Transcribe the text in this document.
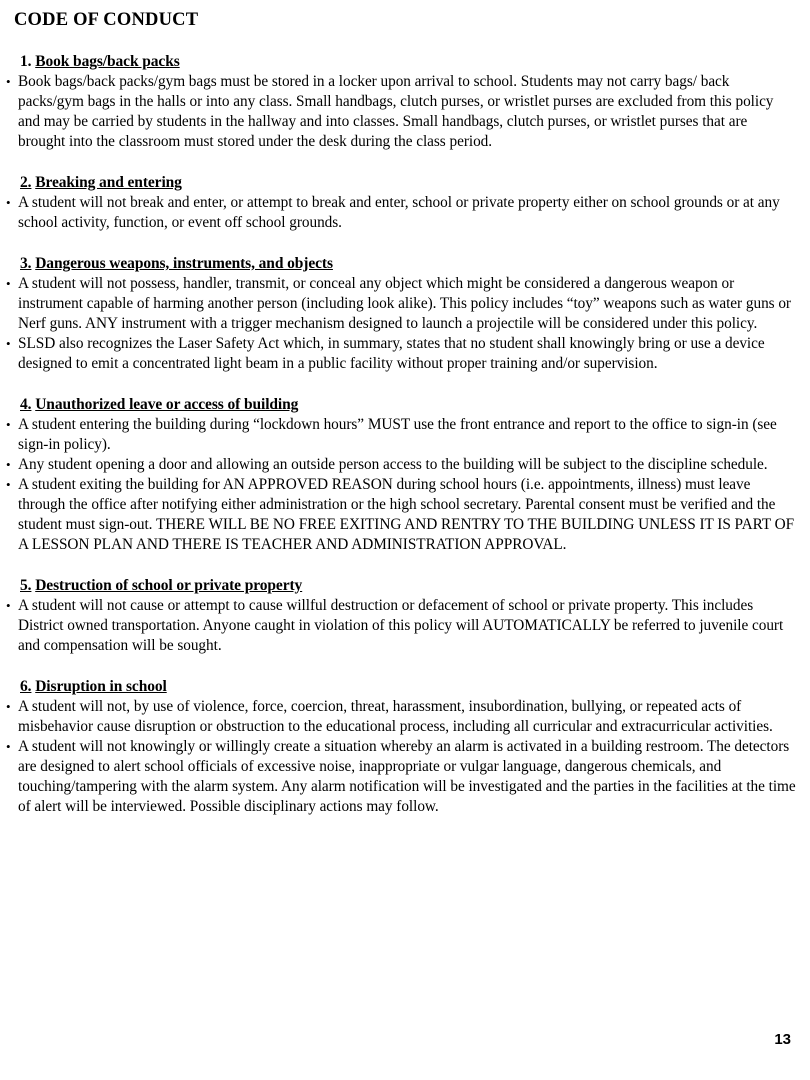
CODE OF CONDUCT
1. Book bags/back packs
• Book bags/back packs/gym bags must be stored in a locker upon arrival to school. Students may not carry bags/ back packs/gym bags in the halls or into any class. Small handbags, clutch purses, or wristlet purses are excluded from this policy and may be carried by students in the hallway and into classes. Small handbags, clutch purses, or wristlet purses that are brought into the classroom must stored under the desk during the class period.
2. Breaking and entering
• A student will not break and enter, or attempt to break and enter, school or private property either on school grounds or at any school activity, function, or event off school grounds.
3. Dangerous weapons, instruments, and objects
• A student will not possess, handler, transmit, or conceal any object which might be considered a dangerous weapon or instrument capable of harming another person (including look alike). This policy includes “toy” weapons such as water guns or Nerf guns. ANY instrument with a trigger mechanism designed to launch a projectile will be considered under this policy.
• SLSD also recognizes the Laser Safety Act which, in summary, states that no student shall knowingly bring or use a device designed to emit a concentrated light beam in a public facility without proper training and/or supervision.
4. Unauthorized leave or access of building
• A student entering the building during “lockdown hours” MUST use the front entrance and report to the office to sign-in (see sign-in policy).
• Any student opening a door and allowing an outside person access to the building will be subject to the discipline schedule.
• A student exiting the building for AN APPROVED REASON during school hours (i.e. appointments, illness) must leave through the office after notifying either administration or the high school secretary. Parental consent must be verified and the student must sign-out. THERE WILL BE NO FREE EXITING AND RENTRY TO THE BUILDING UNLESS IT IS PART OF A LESSON PLAN AND THERE IS TEACHER AND ADMINISTRATION APPROVAL.
5. Destruction of school or private property
• A student will not cause or attempt to cause willful destruction or defacement of school or private property. This includes District owned transportation. Anyone caught in violation of this policy will AUTOMATICALLY be referred to juvenile court and compensation will be sought.
6. Disruption in school
• A student will not, by use of violence, force, coercion, threat, harassment, insubordination, bullying, or repeated acts of misbehavior cause disruption or obstruction to the educational process, including all curricular and extracurricular activities.
• A student will not knowingly or willingly create a situation whereby an alarm is activated in a building restroom. The detectors are designed to alert school officials of excessive noise, inappropriate or vulgar language, dangerous chemicals, and touching/tampering with the alarm system. Any alarm notification will be investigated and the parties in the facilities at the time of alert will be interviewed. Possible disciplinary actions may follow.
13
